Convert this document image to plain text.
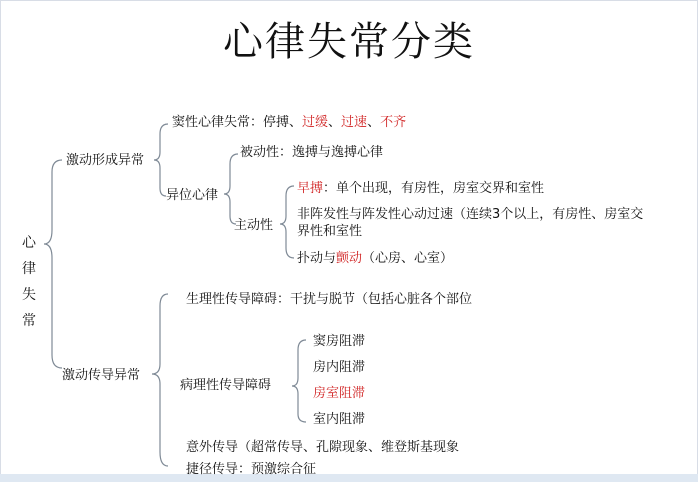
心律失常分类
心
律
失
常
激动形成异常
窦性心律失常：停搏、过缓、过速、不齐
异位心律
被动性：逸搏与逸搏心律
主动性
早搏：单个出现，有房性，房室交界和室性
非阵发性与阵发性心动过速（连续3个以上，有房性、房室交
界性和室性
扑动与颤动（心房、心室）
激动传导异常
生理性传导障碍：干扰与脱节（包括心脏各个部位
病理性传导障碍
窦房阻滞
房内阻滞
房室阻滞
室内阻滞
意外传导（超常传导、孔隙现象、维登斯基现象
捷径传导：预激综合征
